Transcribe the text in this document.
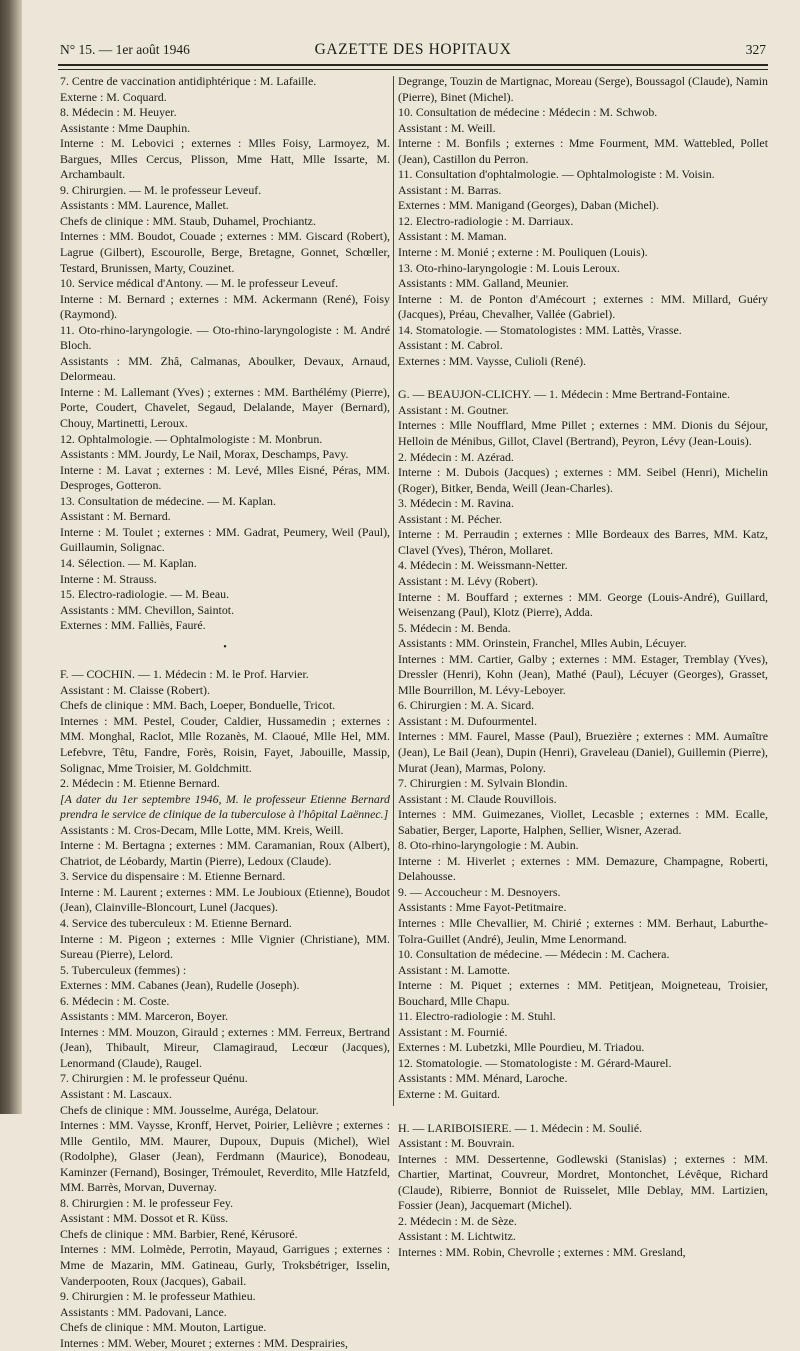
N° 15. — 1er août 1946	GAZETTE DES HOPITAUX	327

7. Centre de vaccination antidiphtérique : M. Lafaille.

Externe : M. Coquard.

8. Médecin : M. Heuyer.

Assistante : Mme Dauphin.

Interne : M. Lebovici ; externes : Mlles Foisy, Larmoyez, M. Bargues, Mlles Cercus, Plisson, Mme Hatt, Mlle Issarte, M. Archambault.

9. Chirurgien. — M. le professeur Leveuf.

Assistants : MM. Laurence, Mallet.

Chefs de clinique : MM. Staub, Duhamel, Prochiantz.

Internes : MM. Boudot, Couade ; externes : MM. Giscard (Robert), Lagrue (Gilbert), Escourolle, Berge, Bretagne, Gonnet, Schœller, Testard, Brunissen, Marty, Couzinet.

10. Service médical d'Antony. — M. le professeur Leveuf.

Interne : M. Bernard ; externes : MM. Ackermann (René), Foisy (Raymond).

11. Oto-rhino-laryngologie. — Oto-rhino-laryngologiste : M. André Bloch.

Assistants : MM. Zhâ, Calmanas, Aboulker, Devaux, Arnaud, Delormeau.

Interne : M. Lallemant (Yves) ; externes : MM. Barthélémy (Pierre), Porte, Coudert, Chavelet, Segaud, Delalande, Mayer (Bernard), Chouy, Martinetti, Leroux.

12. Ophtalmologie. — Ophtalmologiste : M. Monbrun.

Assistants : MM. Jourdy, Le Nail, Morax, Deschamps, Pavy.

Interne : M. Lavat ; externes : M. Levé, Mlles Eisné, Péras, MM. Desproges, Gotteron.

13. Consultation de médecine. — M. Kaplan.

Assistant : M. Bernard.

Interne : M. Toulet ; externes : MM. Gadrat, Peumery, Weil (Paul), Guillaumin, Solignac.

14. Sélection. — M. Kaplan.

Interne : M. Strauss.

15. Electro-radiologie. — M. Beau.

Assistants : MM. Chevillon, Saintot.

Externes : MM. Falliès, Fauré.

•

F. — COCHIN. — 1. Médecin : M. le Prof. Harvier.

Assistant : M. Claisse (Robert).

Chefs de clinique : MM. Bach, Loeper, Bonduelle, Tricot.

Internes : MM. Pestel, Couder, Caldier, Hussamedin ; externes : MM. Monghal, Raclot, Mlle Rozanès, M. Claoué, Mlle Hel, MM. Lefebvre, Têtu, Fandre, Forès, Roisin, Fayet, Jabouille, Massip, Solignac, Mme Troisier, M. Goldchmitt.

2. Médecin : M. Etienne Bernard.

[A dater du 1er septembre 1946, M. le professeur Etienne Bernard prendra le service de clinique de la tuberculose à l'hôpital Laënnec.]

Assistants : M. Cros-Decam, Mlle Lotte, MM. Kreis, Weill.

Interne : M. Bertagna ; externes : MM. Caramanian, Roux (Albert), Chatriot, de Léobardy, Martin (Pierre), Ledoux (Claude).

3. Service du dispensaire : M. Etienne Bernard.

Interne : M. Laurent ; externes : MM. Le Joubioux (Etienne), Boudot (Jean), Clainville-Bloncourt, Lunel (Jacques).

4. Service des tuberculeux : M. Etienne Bernard.

Interne : M. Pigeon ; externes : Mlle Vignier (Christiane), MM. Sureau (Pierre), Lelord.

5. Tuberculeux (femmes) :

Externes : MM. Cabanes (Jean), Rudelle (Joseph).

6. Médecin : M. Coste.

Assistants : MM. Marceron, Boyer.

Internes : MM. Mouzon, Girauld ; externes : MM. Ferreux, Bertrand (Jean), Thibault, Mireur, Clamagiraud, Lecœur (Jacques), Lenormand (Claude), Raugel.

7. Chirurgien : M. le professeur Quénu.

Assistant : M. Lascaux.

Chefs de clinique : MM. Jousselme, Auréga, Delatour.

Internes : MM. Vaysse, Kronff, Hervet, Poirier, Lelièvre ; externes : Mlle Gentilo, MM. Maurer, Dupoux, Dupuis (Michel), Wiel (Rodolphe), Glaser (Jean), Ferdmann (Maurice), Bonodeau, Kaminzer (Fernand), Bosinger, Trémoulet, Reverdito, Mlle Hatzfeld, MM. Barrès, Morvan, Duvernay.

8. Chirurgien : M. le professeur Fey.

Assistant : MM. Dossot et R. Küss.

Chefs de clinique : MM. Barbier, René, Kérusoré.

Internes : MM. Lolmède, Perrotin, Mayaud, Garrigues ; externes : Mme de Mazarin, MM. Gatineau, Gurly, Troksbétriger, Isselin, Vanderpooten, Roux (Jacques), Gabail.

9. Chirurgien : M. le professeur Mathieu.

Assistants : MM. Padovani, Lance.

Chefs de clinique : MM. Mouton, Lartigue.

Internes : MM. Weber, Mouret ; externes : MM. Desprairies,

Degrange, Touzin de Martignac, Moreau (Serge), Boussagol (Claude), Namin (Pierre), Binet (Michel).

10. Consultation de médecine : Médecin : M. Schwob.

Assistant : M. Weill.

Interne : M. Bonfils ; externes : Mme Fourment, MM. Wattebled, Pollet (Jean), Castillon du Perron.

11. Consultation d'ophtalmologie. — Ophtalmologiste : M. Voisin.

Assistant : M. Barras.

Externes : MM. Manigand (Georges), Daban (Michel).

12. Electro-radiologie : M. Darriaux.

Assistant : M. Maman.

Interne : M. Monié ; externe : M. Pouliquen (Louis).

13. Oto-rhino-laryngologie : M. Louis Leroux.

Assistants : MM. Galland, Meunier.

Interne : M. de Ponton d'Amécourt ; externes : MM. Millard, Guéry (Jacques), Préau, Chevalher, Vallée (Gabriel).

14. Stomatologie. — Stomatologistes : MM. Lattès, Vrasse.

Assistant : M. Cabrol.

Externes : MM. Vaysse, Culioli (René).

G. — BEAUJON-CLICHY. — 1. Médecin : Mme Bertrand-Fontaine.

Assistant : M. Goutner.

Internes : Mlle Noufflard, Mme Pillet ; externes : MM. Dionis du Séjour, Helloin de Ménibus, Gillot, Clavel (Bertrand), Peyron, Lévy (Jean-Louis).

2. Médecin : M. Azérad.

Interne : M. Dubois (Jacques) ; externes : MM. Seibel (Henri), Michelin (Roger), Bitker, Benda, Weill (Jean-Charles).

3. Médecin : M. Ravina.

Assistant : M. Pécher.

Interne : M. Perraudin ; externes : Mlle Bordeaux des Barres, MM. Katz, Clavel (Yves), Théron, Mollaret.

4. Médecin : M. Weissmann-Netter.

Assistant : M. Lévy (Robert).

Interne : M. Bouffard ; externes : MM. George (Louis-André), Guillard, Weisenzang (Paul), Klotz (Pierre), Adda.

5. Médecin : M. Benda.

Assistants : MM. Orinstein, Franchel, Mlles Aubin, Lécuyer.

Internes : MM. Cartier, Galby ; externes : MM. Estager, Tremblay (Yves), Dressler (Henri), Kohn (Jean), Mathé (Paul), Lécuyer (Georges), Grasset, Mlle Bourrillon, M. Lévy-Leboyer.

6. Chirurgien : M. A. Sicard.

Assistant : M. Dufourmentel.

Internes : MM. Faurel, Masse (Paul), Bruezière ; externes : MM. Aumaître (Jean), Le Bail (Jean), Dupin (Henri), Graveleau (Daniel), Guillemin (Pierre), Murat (Jean), Marmas, Polony.

7. Chirurgien : M. Sylvain Blondin.

Assistant : M. Claude Rouvillois.

Internes : MM. Guimezanes, Viollet, Lecasble ; externes : MM. Ecalle, Sabatier, Berger, Laporte, Halphen, Sellier, Wisner, Azerad.

8. Oto-rhino-laryngologie : M. Aubin.

Interne : M. Hiverlet ; externes : MM. Demazure, Champagne, Roberti, Delahousse.

9. — Accoucheur : M. Desnoyers.

Assistants : Mme Fayot-Petitmaire.

Internes : Mlle Chevallier, M. Chirié ; externes : MM. Berhaut, Laburthe-Tolra-Guillet (André), Jeulin, Mme Lenormand.

10. Consultation de médecine. — Médecin : M. Cachera.

Assistant : M. Lamotte.

Interne : M. Piquet ; externes : MM. Petitjean, Moigneteau, Troisier, Bouchard, Mlle Chapu.

11. Electro-radiologie : M. Stuhl.

Assistant : M. Fournié.

Externes : M. Lubetzki, Mlle Pourdieu, M. Triadou.

12. Stomatologie. — Stomatologiste : M. Gérard-Maurel.

Assistants : MM. Ménard, Laroche.

Externe : M. Guitard.

H. — LARIBOISIERE. — 1. Médecin : M. Soulié.

Assistant : M. Bouvrain.

Internes : MM. Dessertenne, Godlewski (Stanislas) ; externes : MM. Chartier, Martinat, Couvreur, Mordret, Montonchet, Lévêque, Richard (Claude), Ribierre, Bonniot de Ruisselet, Mlle Deblay, MM. Lartizien, Fossier (Jean), Jacquemart (Michel).

2. Médecin : M. de Sèze.

Assistant : M. Lichtwitz.

Internes : MM. Robin, Chevrolle ; externes : MM. Gresland,
